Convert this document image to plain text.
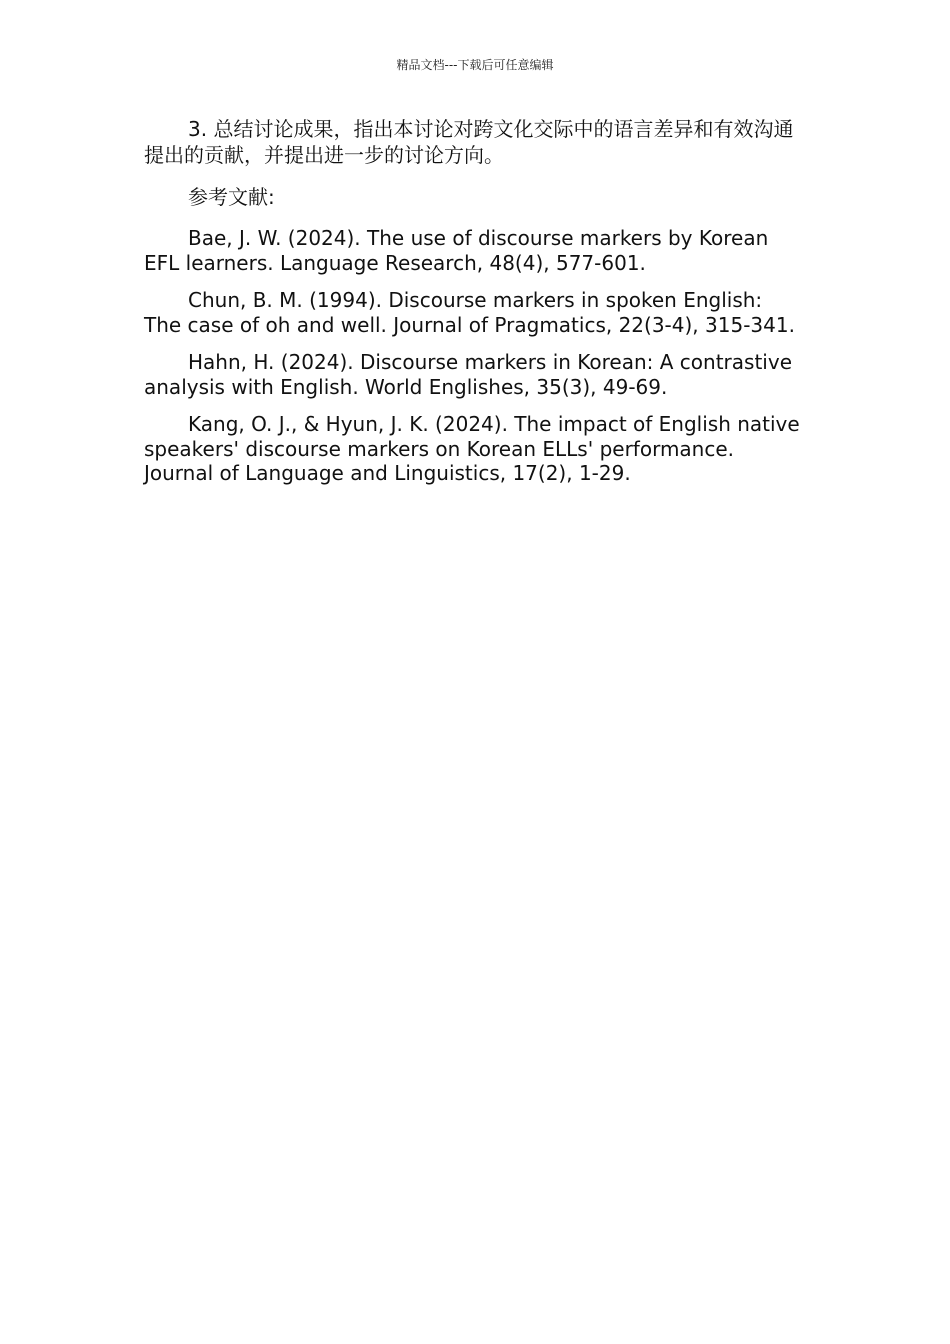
精品文档---下载后可任意编辑

3. 总结讨论成果，指出本讨论对跨文化交际中的语言差异和有效沟通提出的贡献，并提出进一步的讨论方向。

参考文献:

Bae, J. W. (2024). The use of discourse markers by Korean EFL learners. Language Research, 48(4), 577-601.

Chun, B. M. (1994). Discourse markers in spoken English: The case of oh and well. Journal of Pragmatics, 22(3-4), 315-341.

Hahn, H. (2024). Discourse markers in Korean: A contrastive analysis with English. World Englishes, 35(3), 49-69.

Kang, O. J., & Hyun, J. K. (2024). The impact of English native speakers' discourse markers on Korean ELLs' performance. Journal of Language and Linguistics, 17(2), 1-29.
